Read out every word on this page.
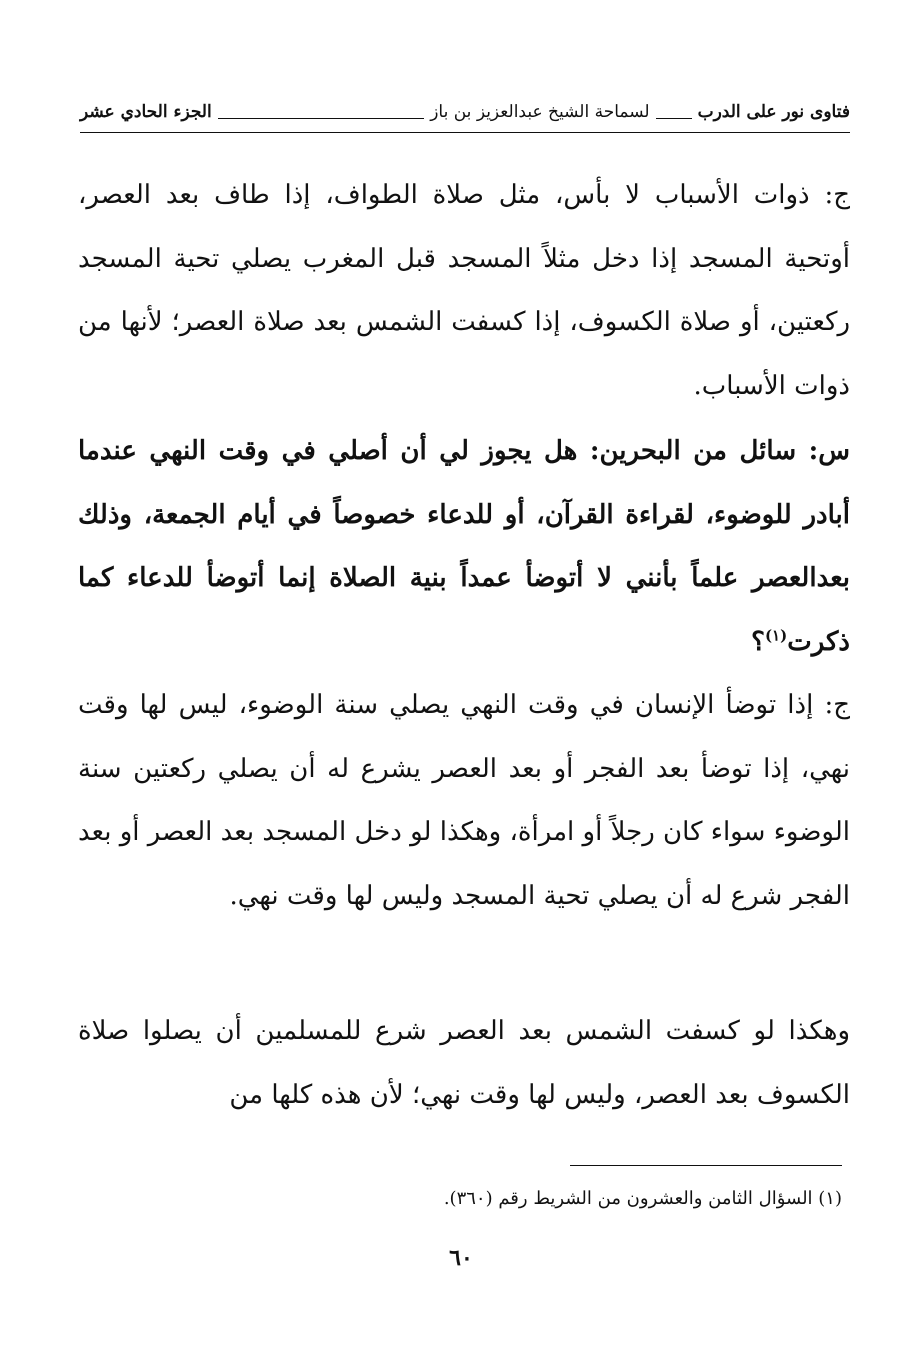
فتاوى نور على الدرب
لسماحة الشيخ عبدالعزيز بن باز
الجزء الحادي عشر

ج: ذوات الأسباب لا بأس، مثل صلاة الطواف، إذا طاف بعد العصر، أوتحية المسجد إذا دخل مثلاً المسجد قبل المغرب يصلي تحية المسجد ركعتين، أو صلاة الكسوف، إذا كسفت الشمس بعد صلاة العصر؛ لأنها من ذوات الأسباب.

س: سائل من البحرين: هل يجوز لي أن أصلي في وقت النهي عندما أبادر للوضوء، لقراءة القرآن، أو للدعاء خصوصاً في أيام الجمعة، وذلك بعدالعصر علماً بأنني لا أتوضأ عمداً بنية الصلاة إنما أتوضأ للدعاء كما ذكرت$^{(١)}$؟

ج: إذا توضأ الإنسان في وقت النهي يصلي سنة الوضوء، ليس لها وقت نهي، إذا توضأ بعد الفجر أو بعد العصر يشرع له أن يصلي ركعتين سنة الوضوء سواء كان رجلاً أو امرأة، وهكذا لو دخل المسجد بعد العصر أو بعد الفجر شرع له أن يصلي تحية المسجد وليس لها وقت نهي.

وهكذا لو كسفت الشمس بعد العصر شرع للمسلمين أن يصلوا صلاة الكسوف بعد العصر، وليس لها وقت نهي؛ لأن هذه كلها من

(١) السؤال الثامن والعشرون من الشريط رقم (٣٦٠).
٦٠
